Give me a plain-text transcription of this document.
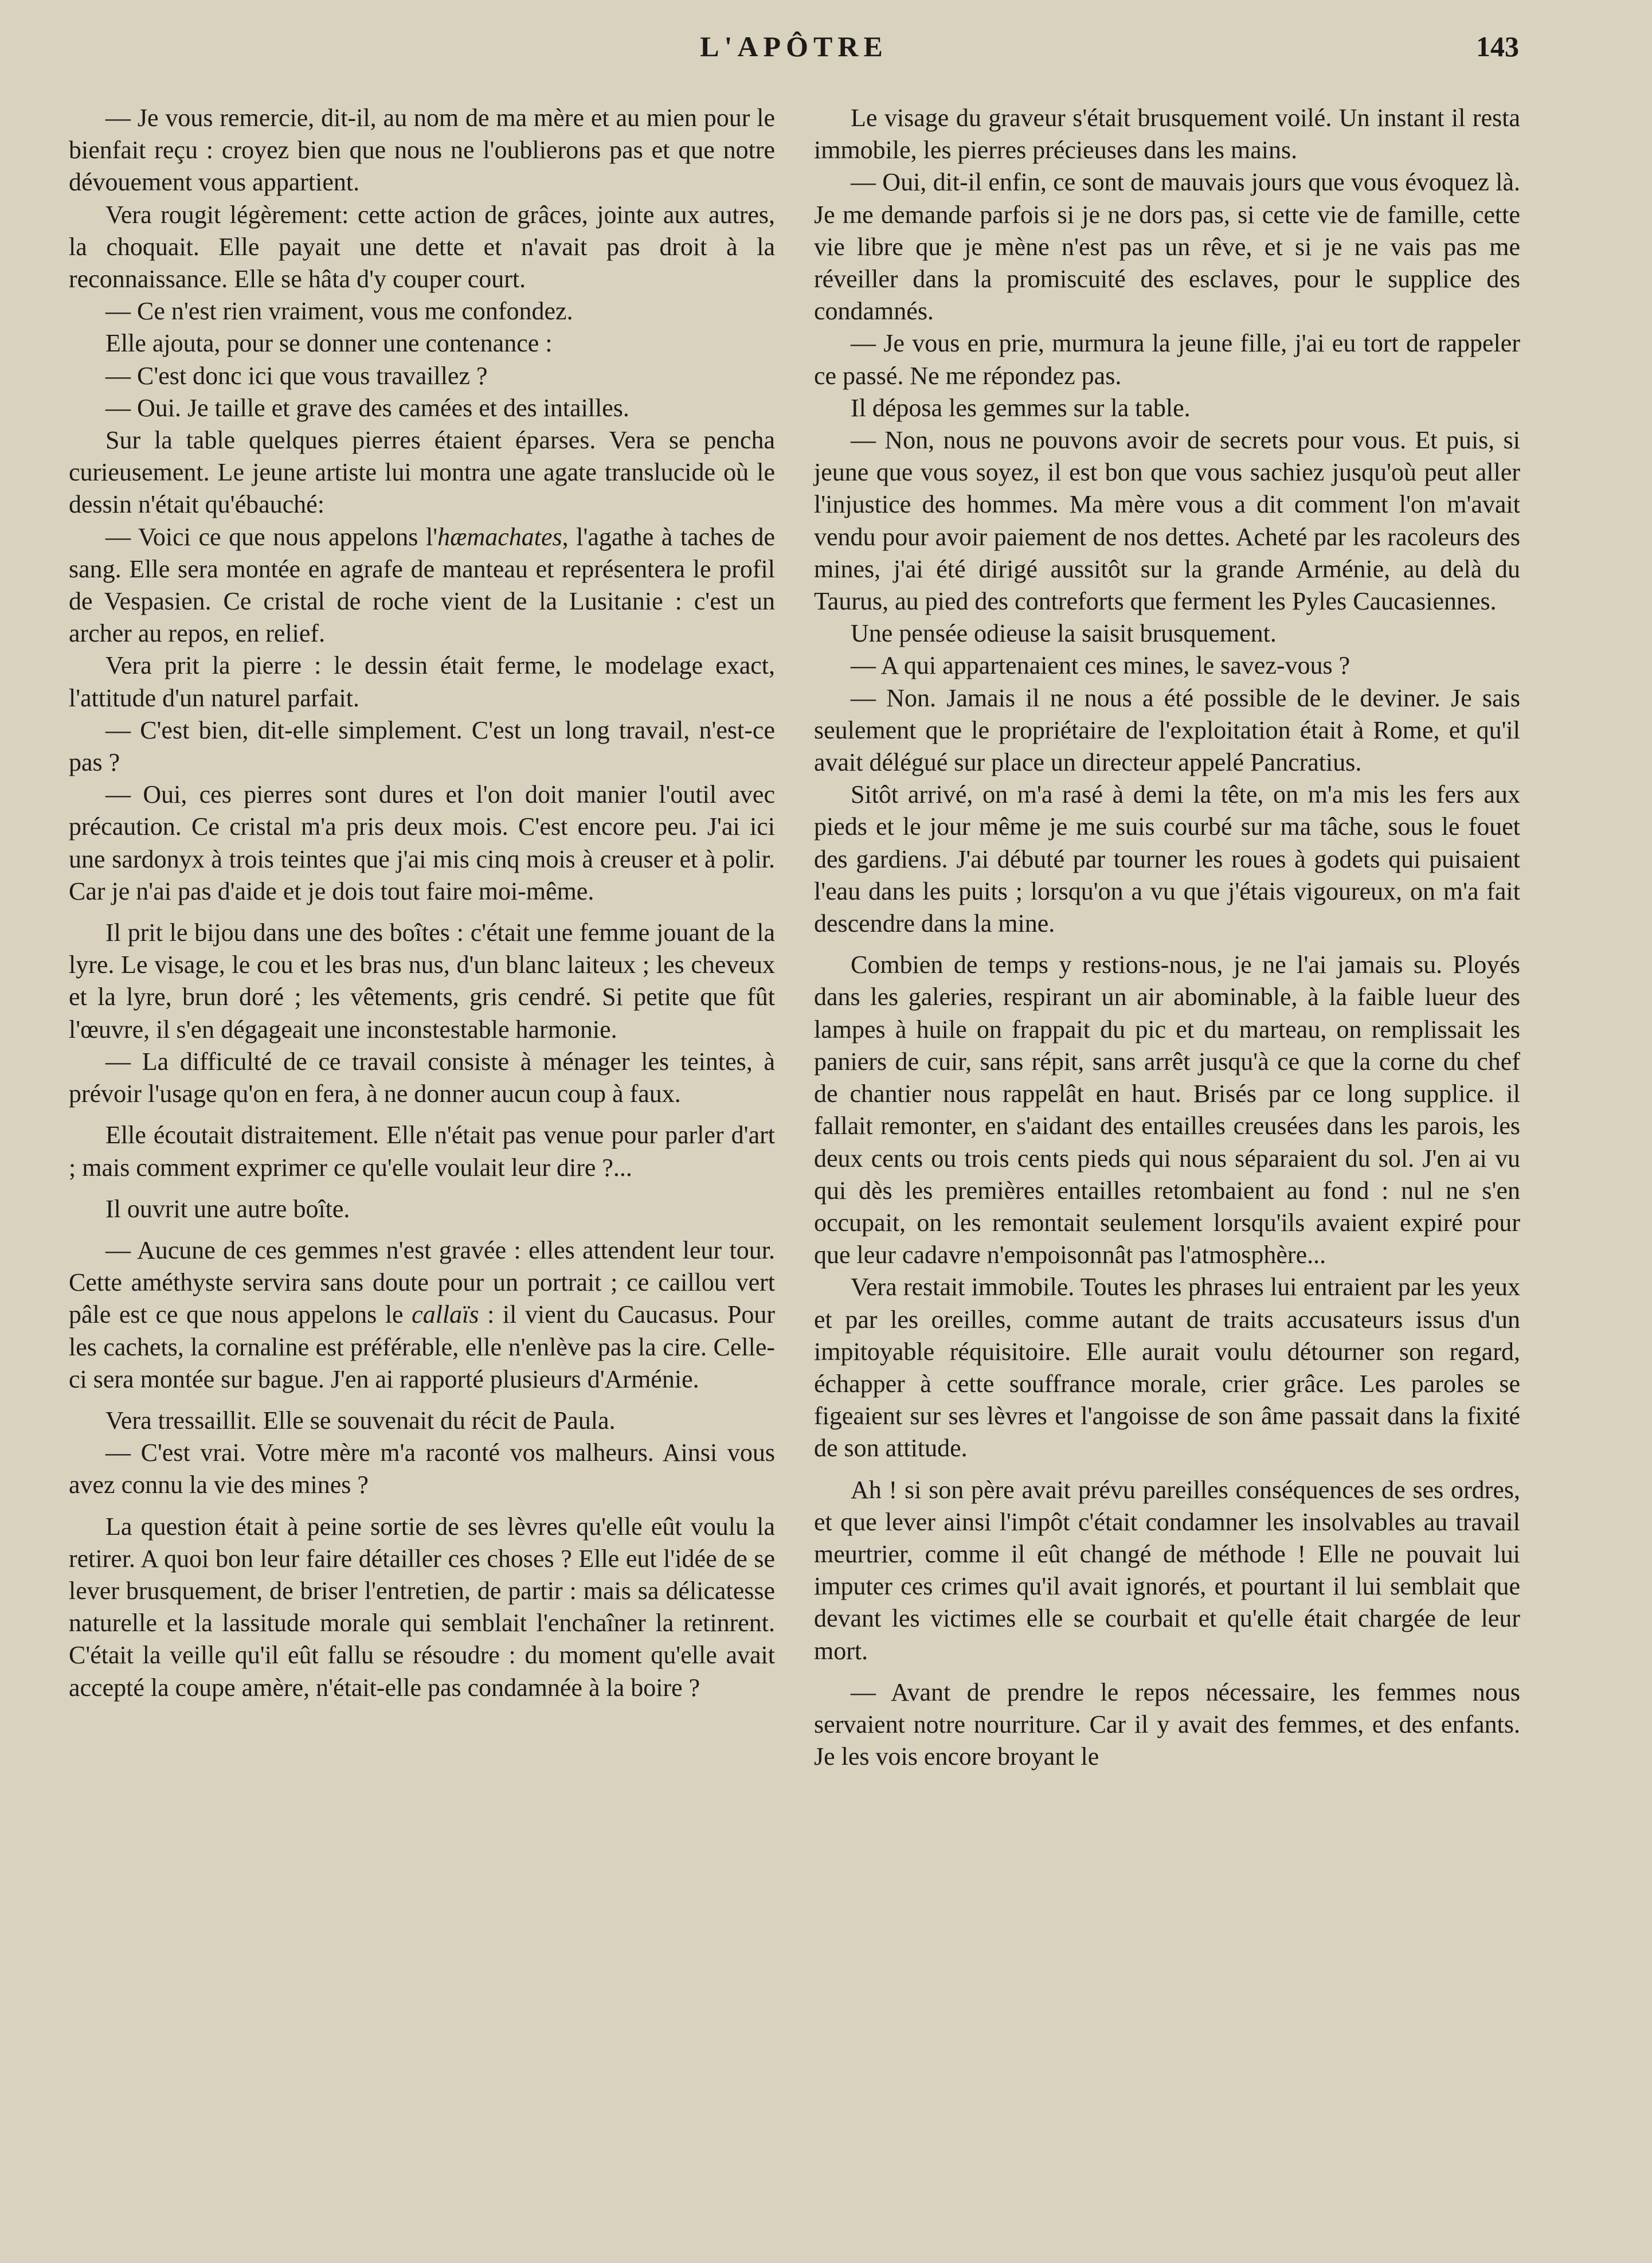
L'APÔTRE	143

— Je vous remercie, dit-il, au nom de ma mère et au mien pour le bienfait reçu : croyez bien que nous ne l'oublierons pas et que notre dévouement vous appartient.

Vera rougit légèrement: cette action de grâces, jointe aux autres, la choquait. Elle payait une dette et n'avait pas droit à la reconnaissance. Elle se hâta d'y couper court.

— Ce n'est rien vraiment, vous me confondez.

Elle ajouta, pour se donner une contenance :

— C'est donc ici que vous travaillez ?

— Oui. Je taille et grave des camées et des intailles.

Sur la table quelques pierres étaient éparses. Vera se pencha curieusement. Le jeune artiste lui montra une agate translucide où le dessin n'était qu'ébauché:

— Voici ce que nous appelons l'hæmachates, l'agathe à taches de sang. Elle sera montée en agrafe de manteau et représentera le profil de Vespasien. Ce cristal de roche vient de la Lusitanie : c'est un archer au repos, en relief.

Vera prit la pierre : le dessin était ferme, le modelage exact, l'attitude d'un naturel parfait.

— C'est bien, dit-elle simplement. C'est un long travail, n'est-ce pas ?

— Oui, ces pierres sont dures et l'on doit manier l'outil avec précaution. Ce cristal m'a pris deux mois. C'est encore peu. J'ai ici une sardonyx à trois teintes que j'ai mis cinq mois à creuser et à polir. Car je n'ai pas d'aide et je dois tout faire moi-même.

Il prit le bijou dans une des boîtes : c'était une femme jouant de la lyre. Le visage, le cou et les bras nus, d'un blanc laiteux ; les cheveux et la lyre, brun doré ; les vêtements, gris cendré. Si petite que fût l'œuvre, il s'en dégageait une inconstestable harmonie.

— La difficulté de ce travail consiste à ménager les teintes, à prévoir l'usage qu'on en fera, à ne donner aucun coup à faux.

Elle écoutait distraitement. Elle n'était pas venue pour parler d'art ; mais comment exprimer ce qu'elle voulait leur dire ?...

Il ouvrit une autre boîte.

— Aucune de ces gemmes n'est gravée : elles attendent leur tour. Cette améthyste servira sans doute pour un portrait ; ce caillou vert pâle est ce que nous appelons le callaïs : il vient du Caucasus. Pour les cachets, la cornaline est préférable, elle n'enlève pas la cire. Celle-ci sera montée sur bague. J'en ai rapporté plusieurs d'Arménie.

Vera tressaillit. Elle se souvenait du récit de Paula.

— C'est vrai. Votre mère m'a raconté vos malheurs. Ainsi vous avez connu la vie des mines ?

La question était à peine sortie de ses lèvres qu'elle eût voulu la retirer. A quoi bon leur faire détailler ces choses ? Elle eut l'idée de se lever brusquement, de briser l'entretien, de partir : mais sa délicatesse naturelle et la lassitude morale qui semblait l'enchaîner la retinrent. C'était la veille qu'il eût fallu se résoudre : du moment qu'elle avait accepté la coupe amère, n'était-elle pas condamnée à la boire ?

Le visage du graveur s'était brusquement voilé. Un instant il resta immobile, les pierres précieuses dans les mains.

— Oui, dit-il enfin, ce sont de mauvais jours que vous évoquez là. Je me demande parfois si je ne dors pas, si cette vie de famille, cette vie libre que je mène n'est pas un rêve, et si je ne vais pas me réveiller dans la promiscuité des esclaves, pour le supplice des condamnés.

— Je vous en prie, murmura la jeune fille, j'ai eu tort de rappeler ce passé. Ne me répondez pas.

Il déposa les gemmes sur la table.

— Non, nous ne pouvons avoir de secrets pour vous. Et puis, si jeune que vous soyez, il est bon que vous sachiez jusqu'où peut aller l'injustice des hommes. Ma mère vous a dit comment l'on m'avait vendu pour avoir paiement de nos dettes. Acheté par les racoleurs des mines, j'ai été dirigé aussitôt sur la grande Arménie, au delà du Taurus, au pied des contreforts que ferment les Pyles Caucasiennes.

Une pensée odieuse la saisit brusquement.

— A qui appartenaient ces mines, le savez-vous ?

— Non. Jamais il ne nous a été possible de le deviner. Je sais seulement que le propriétaire de l'exploitation était à Rome, et qu'il avait délégué sur place un directeur appelé Pancratius.

Sitôt arrivé, on m'a rasé à demi la tête, on m'a mis les fers aux pieds et le jour même je me suis courbé sur ma tâche, sous le fouet des gardiens. J'ai débuté par tourner les roues à godets qui puisaient l'eau dans les puits ; lorsqu'on a vu que j'étais vigoureux, on m'a fait descendre dans la mine.

Combien de temps y restions-nous, je ne l'ai jamais su. Ployés dans les galeries, respirant un air abominable, à la faible lueur des lampes à huile on frappait du pic et du marteau, on remplissait les paniers de cuir, sans répit, sans arrêt jusqu'à ce que la corne du chef de chantier nous rappelât en haut. Brisés par ce long supplice. il fallait remonter, en s'aidant des entailles creusées dans les parois, les deux cents ou trois cents pieds qui nous séparaient du sol. J'en ai vu qui dès les premières entailles retombaient au fond : nul ne s'en occupait, on les remontait seulement lorsqu'ils avaient expiré pour que leur cadavre n'empoisonnât pas l'atmosphère...

Vera restait immobile. Toutes les phrases lui entraient par les yeux et par les oreilles, comme autant de traits accusateurs issus d'un impitoyable réquisitoire. Elle aurait voulu détourner son regard, échapper à cette souffrance morale, crier grâce. Les paroles se figeaient sur ses lèvres et l'angoisse de son âme passait dans la fixité de son attitude.

Ah ! si son père avait prévu pareilles conséquences de ses ordres, et que lever ainsi l'impôt c'était condamner les insolvables au travail meurtrier, comme il eût changé de méthode ! Elle ne pouvait lui imputer ces crimes qu'il avait ignorés, et pourtant il lui semblait que devant les victimes elle se courbait et qu'elle était chargée de leur mort.

— Avant de prendre le repos nécessaire, les femmes nous servaient notre nourriture. Car il y avait des femmes, et des enfants. Je les vois encore broyant le
